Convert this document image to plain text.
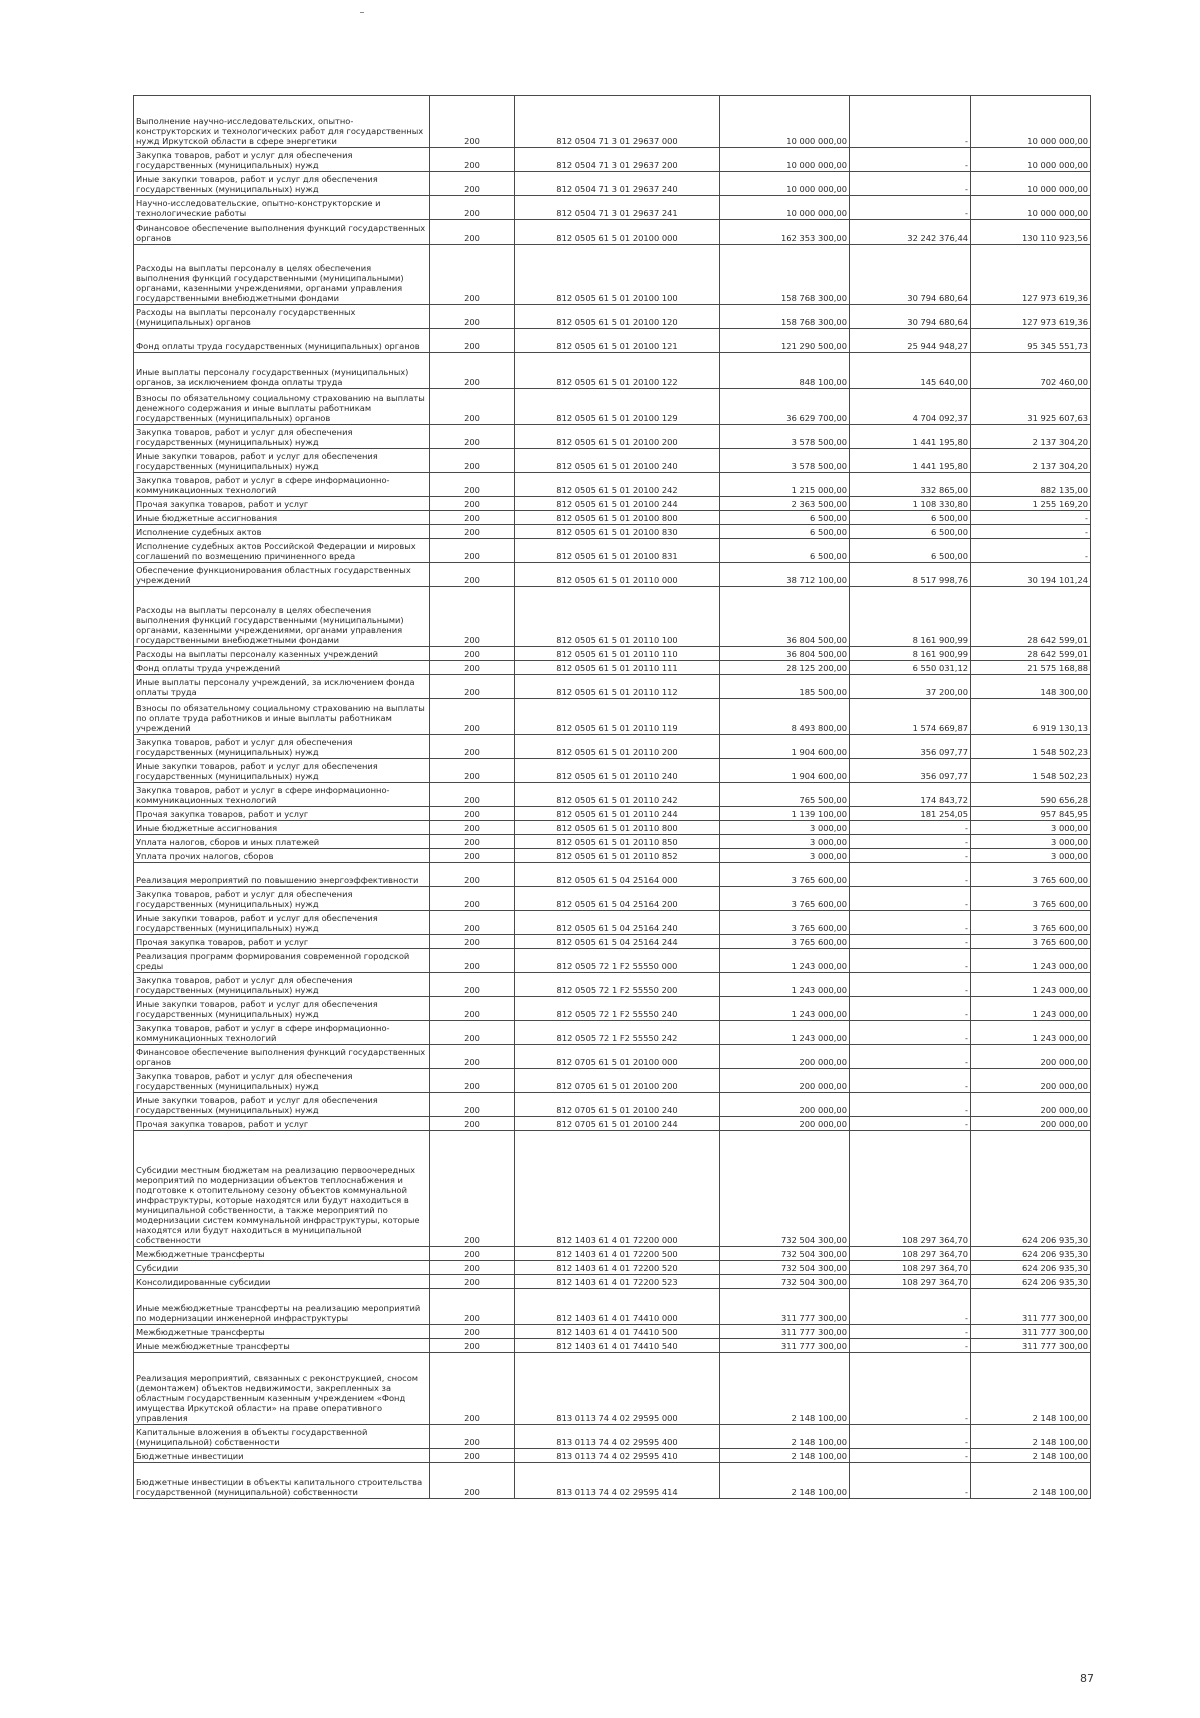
Выполнение научно-исследовательских, опытно-конструкторских и технологических работ для государственных нужд Иркутской области в сфере энергетики	200	812 0504 71 3 01 29637 000	10 000 000,00	-	10 000 000,00
Закупка товаров, работ и услуг для обеспечения государственных (муниципальных) нужд	200	812 0504 71 3 01 29637 200	10 000 000,00	-	10 000 000,00
Иные закупки товаров, работ и услуг для обеспечения государственных (муниципальных) нужд	200	812 0504 71 3 01 29637 240	10 000 000,00	-	10 000 000,00
Научно-исследовательские, опытно-конструкторские и технологические работы	200	812 0504 71 3 01 29637 241	10 000 000,00	-	10 000 000,00
Финансовое обеспечение выполнения функций государственных органов	200	812 0505 61 5 01 20100 000	162 353 300,00	32 242 376,44	130 110 923,56
Расходы на выплаты персоналу в целях обеспечения выполнения функций государственными (муниципальными) органами, казенными учреждениями, органами управления государственными внебюджетными фондами	200	812 0505 61 5 01 20100 100	158 768 300,00	30 794 680,64	127 973 619,36
Расходы на выплаты персоналу государственных (муниципальных) органов	200	812 0505 61 5 01 20100 120	158 768 300,00	30 794 680,64	127 973 619,36
Фонд оплаты труда государственных (муниципальных) органов	200	812 0505 61 5 01 20100 121	121 290 500,00	25 944 948,27	95 345 551,73
Иные выплаты персоналу государственных (муниципальных) органов, за исключением фонда оплаты труда	200	812 0505 61 5 01 20100 122	848 100,00	145 640,00	702 460,00
Взносы по обязательному социальному страхованию на выплаты денежного содержания и иные выплаты работникам государственных (муниципальных) органов	200	812 0505 61 5 01 20100 129	36 629 700,00	4 704 092,37	31 925 607,63
Закупка товаров, работ и услуг для обеспечения государственных (муниципальных) нужд	200	812 0505 61 5 01 20100 200	3 578 500,00	1 441 195,80	2 137 304,20
Иные закупки товаров, работ и услуг для обеспечения государственных (муниципальных) нужд	200	812 0505 61 5 01 20100 240	3 578 500,00	1 441 195,80	2 137 304,20
Закупка товаров, работ и услуг в сфере информационно-коммуникационных технологий	200	812 0505 61 5 01 20100 242	1 215 000,00	332 865,00	882 135,00
Прочая закупка товаров, работ и услуг	200	812 0505 61 5 01 20100 244	2 363 500,00	1 108 330,80	1 255 169,20
Иные бюджетные ассигнования	200	812 0505 61 5 01 20100 800	6 500,00	6 500,00	-
Исполнение судебных актов	200	812 0505 61 5 01 20100 830	6 500,00	6 500,00	-
Исполнение судебных актов Российской Федерации и мировых соглашений по возмещению причиненного вреда	200	812 0505 61 5 01 20100 831	6 500,00	6 500,00	-
Обеспечение функционирования областных государственных учреждений	200	812 0505 61 5 01 20110 000	38 712 100,00	8 517 998,76	30 194 101,24
Расходы на выплаты персоналу в целях обеспечения выполнения функций государственными (муниципальными) органами, казенными учреждениями, органами управления государственными внебюджетными фондами	200	812 0505 61 5 01 20110 100	36 804 500,00	8 161 900,99	28 642 599,01
Расходы на выплаты персоналу казенных учреждений	200	812 0505 61 5 01 20110 110	36 804 500,00	8 161 900,99	28 642 599,01
Фонд оплаты труда учреждений	200	812 0505 61 5 01 20110 111	28 125 200,00	6 550 031,12	21 575 168,88
Иные выплаты персоналу учреждений, за исключением фонда оплаты труда	200	812 0505 61 5 01 20110 112	185 500,00	37 200,00	148 300,00
Взносы по обязательному социальному страхованию на выплаты по оплате труда работников и иные выплаты работникам учреждений	200	812 0505 61 5 01 20110 119	8 493 800,00	1 574 669,87	6 919 130,13
Закупка товаров, работ и услуг для обеспечения государственных (муниципальных) нужд	200	812 0505 61 5 01 20110 200	1 904 600,00	356 097,77	1 548 502,23
Иные закупки товаров, работ и услуг для обеспечения государственных (муниципальных) нужд	200	812 0505 61 5 01 20110 240	1 904 600,00	356 097,77	1 548 502,23
Закупка товаров, работ и услуг в сфере информационно-коммуникационных технологий	200	812 0505 61 5 01 20110 242	765 500,00	174 843,72	590 656,28
Прочая закупка товаров, работ и услуг	200	812 0505 61 5 01 20110 244	1 139 100,00	181 254,05	957 845,95
Иные бюджетные ассигнования	200	812 0505 61 5 01 20110 800	3 000,00	-	3 000,00
Уплата налогов, сборов и иных платежей	200	812 0505 61 5 01 20110 850	3 000,00	-	3 000,00
Уплата прочих налогов, сборов	200	812 0505 61 5 01 20110 852	3 000,00	-	3 000,00
Реализация мероприятий по повышению энергоэффективности	200	812 0505 61 5 04 25164 000	3 765 600,00	-	3 765 600,00
Закупка товаров, работ и услуг для обеспечения государственных (муниципальных) нужд	200	812 0505 61 5 04 25164 200	3 765 600,00	-	3 765 600,00
Иные закупки товаров, работ и услуг для обеспечения государственных (муниципальных) нужд	200	812 0505 61 5 04 25164 240	3 765 600,00	-	3 765 600,00
Прочая закупка товаров, работ и услуг	200	812 0505 61 5 04 25164 244	3 765 600,00	-	3 765 600,00
Реализация программ формирования современной городской среды	200	812 0505 72 1 F2 55550 000	1 243 000,00	-	1 243 000,00
Закупка товаров, работ и услуг для обеспечения государственных (муниципальных) нужд	200	812 0505 72 1 F2 55550 200	1 243 000,00	-	1 243 000,00
Иные закупки товаров, работ и услуг для обеспечения государственных (муниципальных) нужд	200	812 0505 72 1 F2 55550 240	1 243 000,00	-	1 243 000,00
Закупка товаров, работ и услуг в сфере информационно-коммуникационных технологий	200	812 0505 72 1 F2 55550 242	1 243 000,00	-	1 243 000,00
Финансовое обеспечение выполнения функций государственных органов	200	812 0705 61 5 01 20100 000	200 000,00	-	200 000,00
Закупка товаров, работ и услуг для обеспечения государственных (муниципальных) нужд	200	812 0705 61 5 01 20100 200	200 000,00	-	200 000,00
Иные закупки товаров, работ и услуг для обеспечения государственных (муниципальных) нужд	200	812 0705 61 5 01 20100 240	200 000,00	-	200 000,00
Прочая закупка товаров, работ и услуг	200	812 0705 61 5 01 20100 244	200 000,00	-	200 000,00
Субсидии местным бюджетам на реализацию первоочередных мероприятий по модернизации объектов теплоснабжения и подготовке к отопительному сезону объектов коммунальной инфраструктуры, которые находятся или будут находиться в муниципальной собственности, а также мероприятий по модернизации систем коммунальной инфраструктуры, которые находятся или будут находиться в муниципальной собственности	200	812 1403 61 4 01 72200 000	732 504 300,00	108 297 364,70	624 206 935,30
Межбюджетные трансферты	200	812 1403 61 4 01 72200 500	732 504 300,00	108 297 364,70	624 206 935,30
Субсидии	200	812 1403 61 4 01 72200 520	732 504 300,00	108 297 364,70	624 206 935,30
Консолидированные субсидии	200	812 1403 61 4 01 72200 523	732 504 300,00	108 297 364,70	624 206 935,30
Иные межбюджетные трансферты на реализацию мероприятий по модернизации инженерной инфраструктуры	200	812 1403 61 4 01 74410 000	311 777 300,00	-	311 777 300,00
Межбюджетные трансферты	200	812 1403 61 4 01 74410 500	311 777 300,00	-	311 777 300,00
Иные межбюджетные трансферты	200	812 1403 61 4 01 74410 540	311 777 300,00	-	311 777 300,00
Реализация мероприятий, связанных с реконструкцией, сносом (демонтажем) объектов недвижимости, закрепленных за областным государственным казенным учреждением «Фонд имущества Иркутской области» на праве оперативного управления	200	813 0113 74 4 02 29595 000	2 148 100,00	-	2 148 100,00
Капитальные вложения в объекты государственной (муниципальной) собственности	200	813 0113 74 4 02 29595 400	2 148 100,00	-	2 148 100,00
Бюджетные инвестиции	200	813 0113 74 4 02 29595 410	2 148 100,00	-	2 148 100,00
Бюджетные инвестиции в объекты капитального строительства государственной (муниципальной) собственности	200	813 0113 74 4 02 29595 414	2 148 100,00	-	2 148 100,00
87
